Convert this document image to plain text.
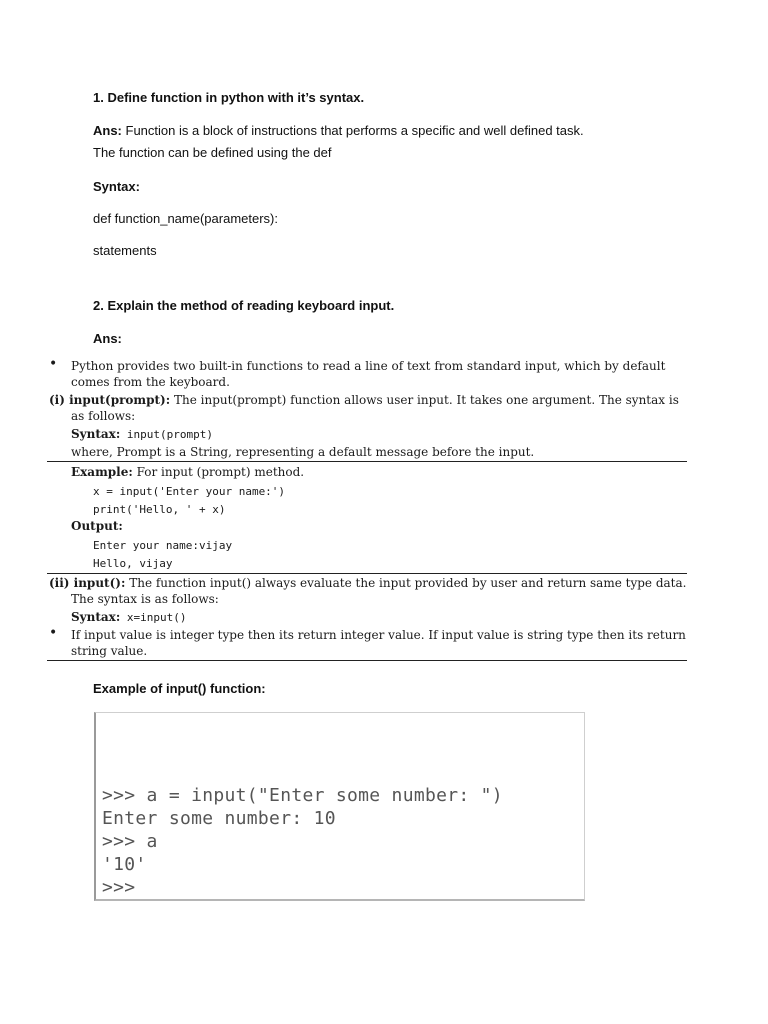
1. Define function in python with it’s syntax.
Ans: Function is a block of instructions that performs a specific and well defined task.
The function can be defined using the def
Syntax:
def function_name(parameters):
statements
2. Explain the method of reading keyboard input.
Ans:
• Python provides two built-in functions to read a line of text from standard input, which by default
comes from the keyboard.
(i) input(prompt): The input(prompt) function allows user input. It takes one argument. The syntax is
as follows:
Syntax: input(prompt)
where, Prompt is a String, representing a default message before the input.
Example: For input (prompt) method.
x = input('Enter your name:')
print('Hello, ' + x)
Output:
Enter your name:vijay
Hello, vijay
(ii) input(): The function input() always evaluate the input provided by user and return same type data.
The syntax is as follows:
Syntax: x=input()
• If input value is integer type then its return integer value. If input value is string type then its return
string value.
Example of input() function:
>>> a = input("Enter some number: ")
Enter some number: 10
>>> a
'10'
>>>
